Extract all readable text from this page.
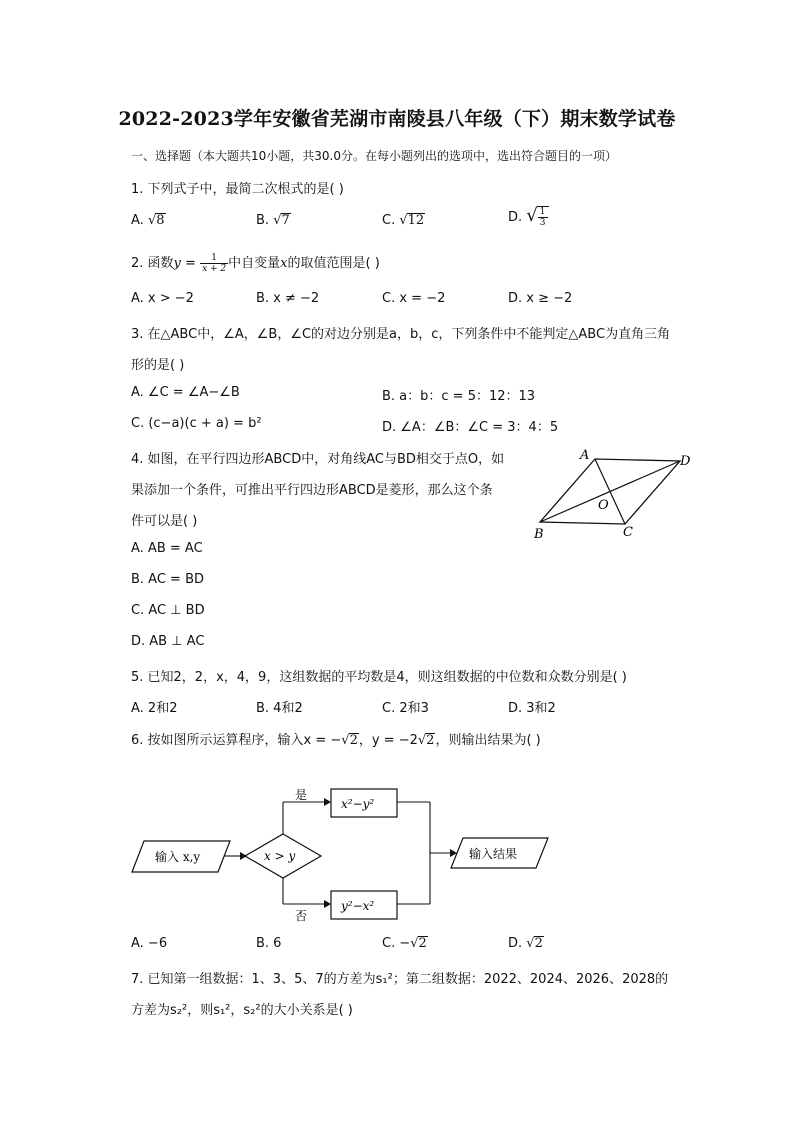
2022-2023学年安徽省芜湖市南陵县八年级（下）期末数学试卷
一、选择题（本大题共10小题，共30.0分。在每小题列出的选项中，选出符合题目的一项）
1. 下列式子中，最简二次根式的是( )
A. √8	B. √7	C. √12	D. √ $\frac{1}{3}$
2. 函数$y = \frac{1}{x + 2}$ 中自变量x的取值范围是( )
A. x > −2	B. x ≠ −2	C. x = −2	D. x ≥ −2
3. 在△ABC中，∠A，∠B，∠C的对边分别是a，b，c，下列条件中不能判定△ABC为直角三角
形的是( )
A. ∠C = ∠A−∠B	B. a：b：c = 5：12：13
C. (c−a)(c + a) = b²	D. ∠A：∠B：∠C = 3：4：5
4. 如图，在平行四边形ABCD中，对角线AC与BD相交于点O，如
果添加一个条件，可推出平行四边形ABCD是菱形，那么这个条
件可以是( )
A. AB = AC
B. AC = BD
C. AC ⊥ BD
D. AB ⊥ AC
A	D
O
B	C
5. 已知2，2，x，4，9，这组数据的平均数是4，则这组数据的中位数和众数分别是( )
A. 2和2	B. 4和2	C. 2和3	D. 3和2
6. 按如图所示运算程序，输入x = −√2，y = −2√2，则输出结果为( )
输入 x,y	x > y
是
x²−y²
否
y²−x²
输入结果
A. −6	B. 6	C. −√2	D. √2
7. 已知第一组数据：1、3、5、7的方差为s₁²；第二组数据：2022、2024、2026、2028的
方差为s₂²，则s₁²，s₂²的大小关系是( )
